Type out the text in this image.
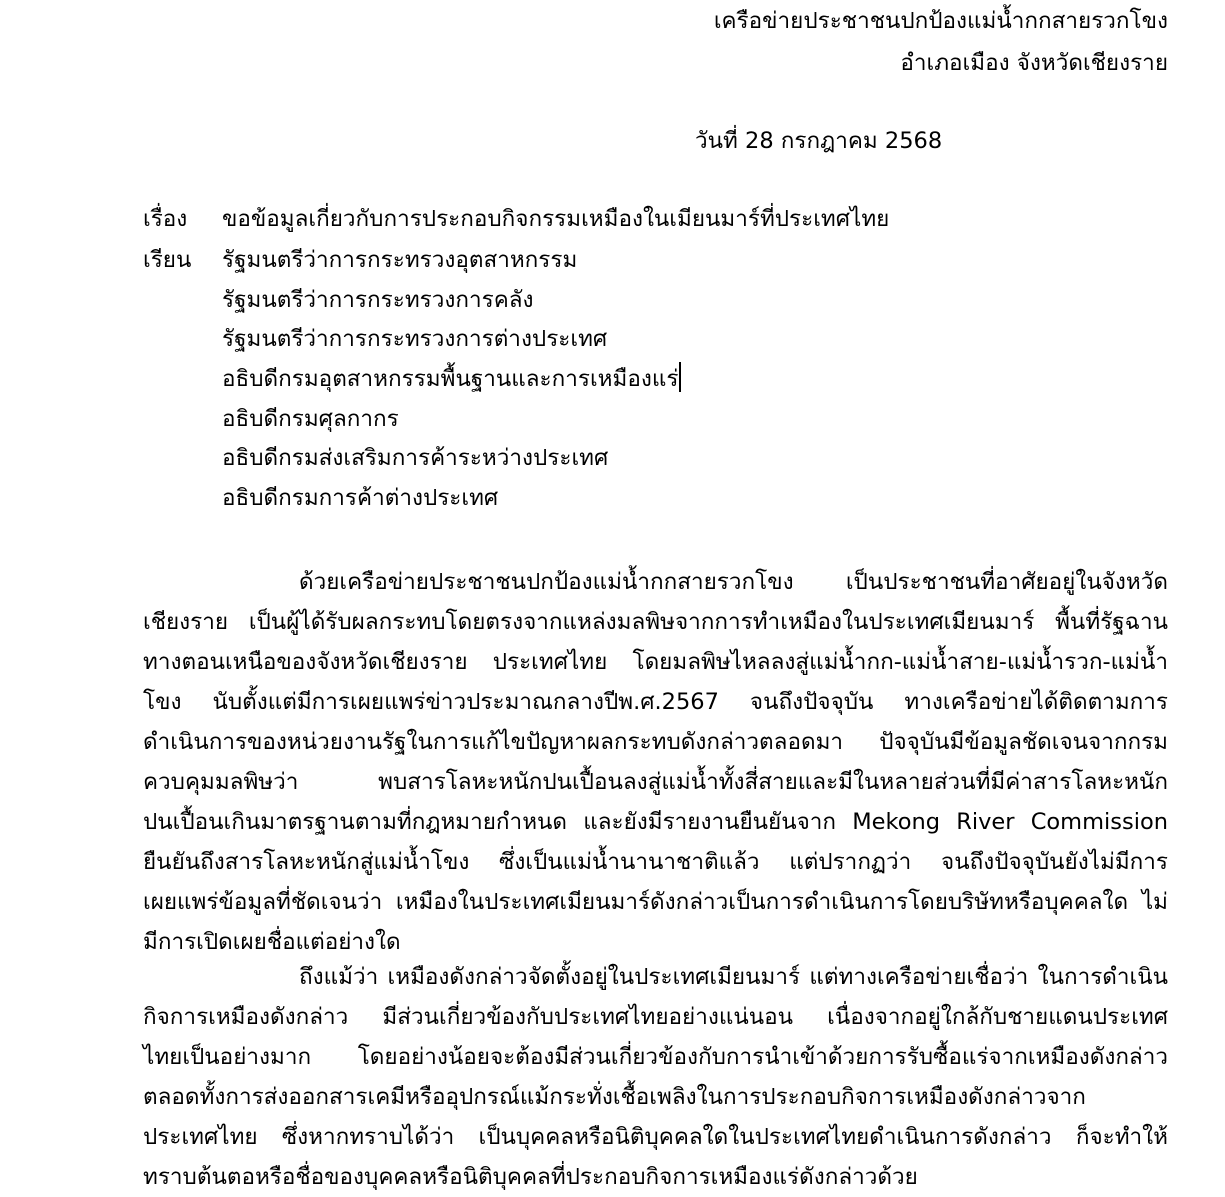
เครือข่ายประชาชนปกป้องแม่น้ำกกสายรวกโขง
อำเภอเมือง จังหวัดเชียงราย
วันที่ 28 กรกฎาคม 2568
เรื่อง ขอข้อมูลเกี่ยวกับการประกอบกิจกรรมเหมืองในเมียนมาร์ที่ประเทศไทย
เรียน	รัฐมนตรีว่าการกระทรวงอุตสาหกรรม
รัฐมนตรีว่าการกระทรวงการคลัง
รัฐมนตรีว่าการกระทรวงการต่างประเทศ
อธิบดีกรมอุตสาหกรรมพื้นฐานและการเหมืองแร่
อธิบดีกรมศุลกากร
อธิบดีกรมส่งเสริมการค้าระหว่างประเทศ
อธิบดีกรมการค้าต่างประเทศ
ด้วยเครือข่ายประชาชนปกป้องแม่น้ำกกสายรวกโขง เป็นประชาชนที่อาศัยอยู่ในจังหวัด
เชียงราย เป็นผู้ได้รับผลกระทบโดยตรงจากแหล่งมลพิษจากการทำเหมืองในประเทศเมียนมาร์ พื้นที่รัฐฉาน
ทางตอนเหนือของจังหวัดเชียงราย ประเทศไทย โดยมลพิษไหลลงสู่แม่น้ำกก-แม่น้ำสาย-แม่น้ำรวก-แม่น้ำ
โขง นับตั้งแต่มีการเผยแพร่ข่าวประมาณกลางปีพ.ศ.2567 จนถึงปัจจุบัน ทางเครือข่ายได้ติดตามการ
ดำเนินการของหน่วยงานรัฐในการแก้ไขปัญหาผลกระทบดังกล่าวตลอดมา ปัจจุบันมีข้อมูลชัดเจนจากกรม
ควบคุมมลพิษว่า พบสารโลหะหนักปนเปื้อนลงสู่แม่น้ำทั้งสี่สายและมีในหลายส่วนที่มีค่าสารโลหะหนัก
ปนเปื้อนเกินมาตรฐานตามที่กฎหมายกำหนด และยังมีรายงานยืนยันจาก Mekong River Commission
ยืนยันถึงสารโลหะหนักสู่แม่น้ำโขง ซึ่งเป็นแม่น้ำนานาชาติแล้ว แต่ปรากฏว่า จนถึงปัจจุบันยังไม่มีการ
เผยแพร่ข้อมูลที่ชัดเจนว่า เหมืองในประเทศเมียนมาร์ดังกล่าวเป็นการดำเนินการโดยบริษัทหรือบุคคลใด ไม่
มีการเปิดเผยชื่อแต่อย่างใด
ถึงแม้ว่า เหมืองดังกล่าวจัดตั้งอยู่ในประเทศเมียนมาร์ แต่ทางเครือข่ายเชื่อว่า ในการดำเนิน
กิจการเหมืองดังกล่าว มีส่วนเกี่ยวข้องกับประเทศไทยอย่างแน่นอน เนื่องจากอยู่ใกล้กับชายแดนประเทศ
ไทยเป็นอย่างมาก โดยอย่างน้อยจะต้องมีส่วนเกี่ยวข้องกับการนำเข้าด้วยการรับซื้อแร่จากเหมืองดังกล่าว
ตลอดทั้งการส่งออกสารเคมีหรืออุปกรณ์แม้กระทั่งเชื้อเพลิงในการประกอบกิจการเหมืองดังกล่าวจาก
ประเทศไทย ซึ่งหากทราบได้ว่า เป็นบุคคลหรือนิติบุคคลใดในประเทศไทยดำเนินการดังกล่าว ก็จะทำให้
ทราบต้นตอหรือชื่อของบุคคลหรือนิติบุคคลที่ประกอบกิจการเหมืองแร่ดังกล่าวด้วย
